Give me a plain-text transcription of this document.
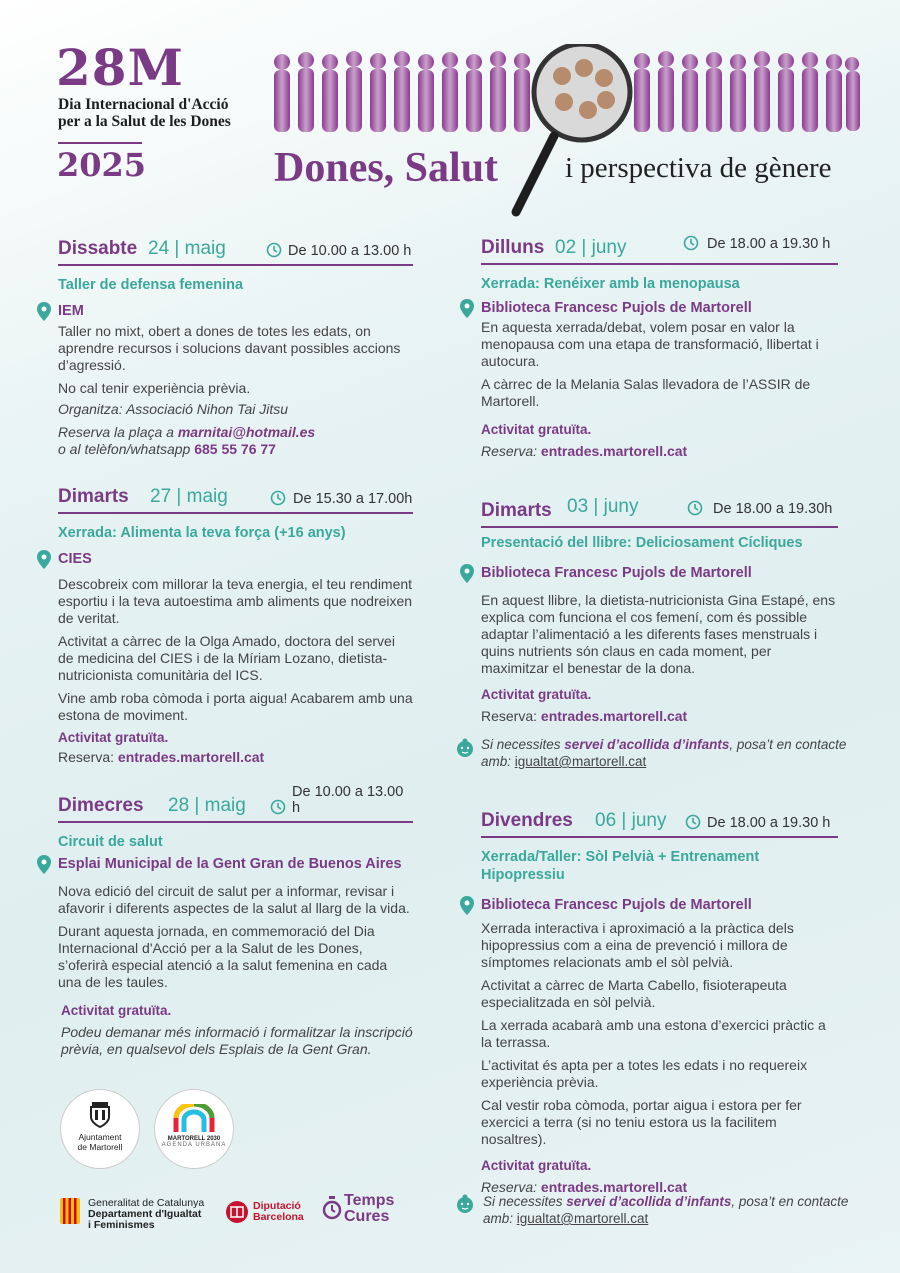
28M
Dia Internacional d'Acció
per a la Salut de les Dones
2025	Dones, Salut i perspectiva de gènere
Dissabte 24 | maig	De 10.00 a 13.00 h
Taller de defensa femenina
IEM
Taller no mixt, obert a dones de totes les edats, on aprendre recursos i solucions davant possibles accions d’agressió.
No cal tenir experiència prèvia.
Organitza: Associació Nihon Tai Jitsu
Reserva la plaça a marnitai@hotmail.es
o al telèfon/whatsapp 685 55 76 77
Dimarts 27 | maig	De 15.30 a 17.00h
Xerrada: Alimenta la teva força (+16 anys)
CIES
Descobreix com millorar la teva energia, el teu rendiment esportiu i la teva autoestima amb aliments que nodreixen de veritat.
Activitat a càrrec de la Olga Amado, doctora del servei de medicina del CIES i de la Míriam Lozano, dietista-nutricionista comunitària del ICS.
Vine amb roba còmoda i porta aigua! Acabarem amb una estona de moviment.
Activitat gratuïta.
Reserva: entrades.martorell.cat
Dimecres 28 | maig
De 10.00 a 13.00 h
Circuit de salut
Esplai Municipal de la Gent Gran de Buenos Aires
Nova edició del circuit de salut per a informar, revisar i afavorir i diferents aspectes de la salut al llarg de la vida.
Durant aquesta jornada, en commemoració del Dia Internacional d'Acció per a la Salut de les Dones, s’oferirà especial atenció a la salut femenina en cada una de les taules.
Activitat gratuïta.
Podeu demanar més informació i formalitzar la inscripció prèvia, en qualsevol dels Esplais de la Gent Gran.
Dilluns 02 | juny	De 18.00 a 19.30 h
Xerrada: Renéixer amb la menopausa
Biblioteca Francesc Pujols de Martorell
En aquesta xerrada/debat, volem posar en valor la menopausa com una etapa de transformació, llibertat i autocura.
A càrrec de la Melania Salas llevadora de l’ASSIR de Martorell.
Activitat gratuïta.
Reserva: entrades.martorell.cat
Dimarts 03 | juny	De 18.00 a 19.30h
Presentació del llibre: Deliciosament Cícliques
Biblioteca Francesc Pujols de Martorell
En aquest llibre, la dietista-nutricionista Gina Estapé, ens explica com funciona el cos femení, com és possible adaptar l’alimentació a les diferents fases menstruals i quins nutrients són claus en cada moment, per maximitzar el benestar de la dona.
Activitat gratuïta.
Reserva: entrades.martorell.cat
Si necessites servei d’acollida d’infants, posa’t en contacte amb: igualtat@martorell.cat
Divendres 06 | juny	De 18.00 a 19.30 h
Xerrada/Taller: Sòl Pelvià + Entrenament Hipopressiu
Biblioteca Francesc Pujols de Martorell
Xerrada interactiva i aproximació a la pràctica dels hipopressius com a eina de prevenció i millora de símptomes relacionats amb el sòl pelvià.
Activitat a càrrec de Marta Cabello, fisioterapeuta especialitzada en sòl pelvià.
La xerrada acabarà amb una estona d’exercici pràctic a la terrassa.
L’activitat és apta per a totes les edats i no requereix experiència prèvia.
Cal vestir roba còmoda, portar aigua i estora per fer exercici a terra (si no teniu estora us la facilitem nosaltres).
Activitat gratuïta.
Reserva: entrades.martorell.cat
Si necessites servei d’acollida d’infants, posa’t en contacte amb: igualtat@martorell.cat
Ajuntament
de Martorell
MARTORELL 2030
AGENDA URBANA
Generalitat de Catalunya
Departament d'Igualtat
i Feminismes
Diputació
Barcelona
Temps
Cures
